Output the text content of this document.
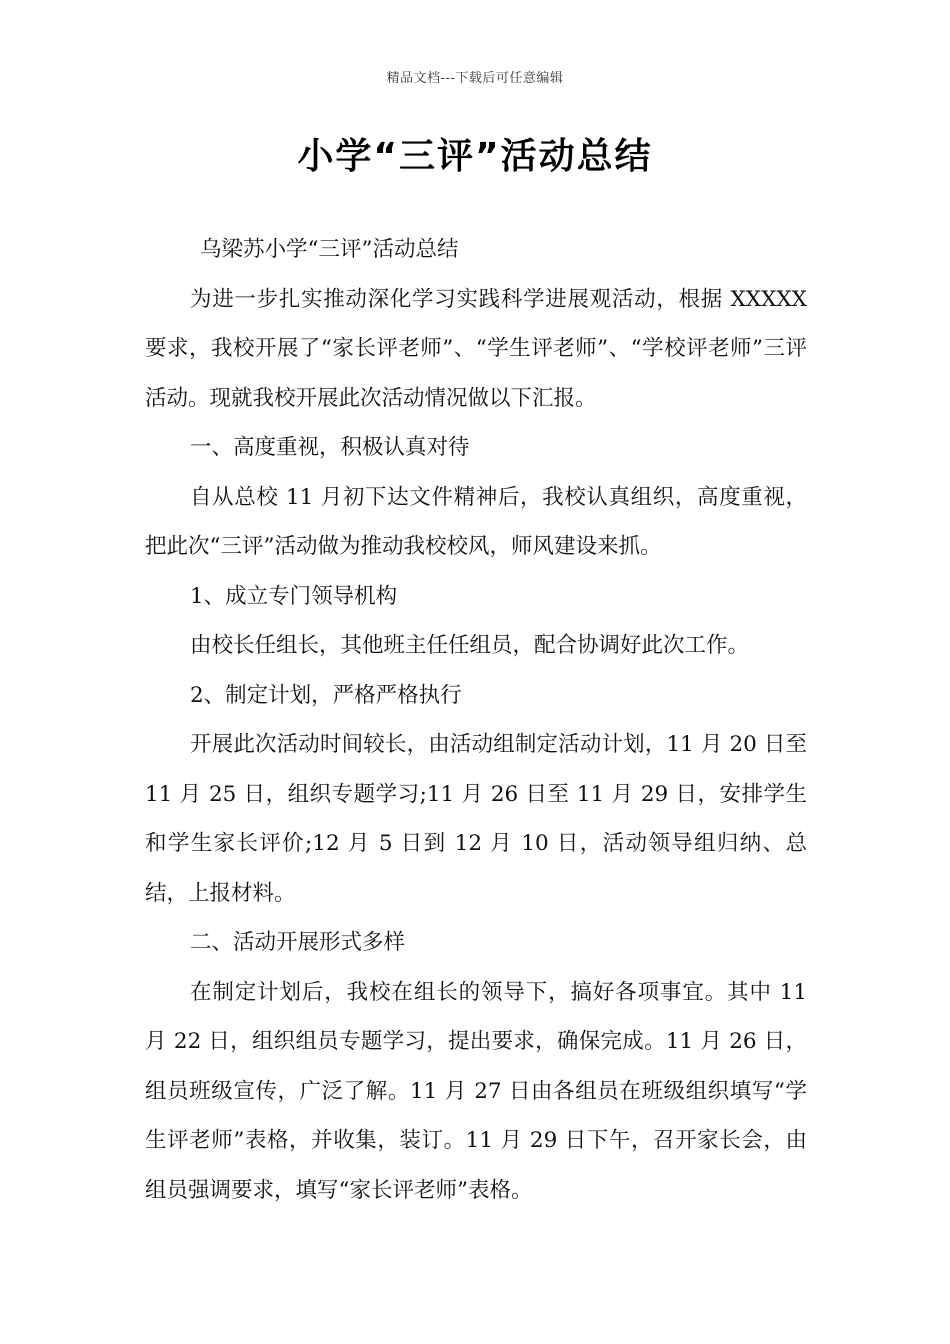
精品文档---下载后可任意编辑
小学“三评”活动总结

乌梁苏小学“三评”活动总结

为进一步扎实推动深化学习实践科学进展观活动，根据 XXXXX 要求，我校开展了“家长评老师”、“学生评老师”、“学校评老师”三评活动。现就我校开展此次活动情况做以下汇报。

一、高度重视，积极认真对待

自从总校 11 月初下达文件精神后，我校认真组织，高度重视，把此次“三评”活动做为推动我校校风，师风建设来抓。

1、成立专门领导机构

由校长任组长，其他班主任任组员，配合协调好此次工作。

2、制定计划，严格严格执行

开展此次活动时间较长，由活动组制定活动计划，11 月 20 日至 11 月 25 日，组织专题学习;11 月 26 日至 11 月 29 日，安排学生和学生家长评价;12 月 5 日到 12 月 10 日，活动领导组归纳、总结，上报材料。

二、活动开展形式多样

在制定计划后，我校在组长的领导下，搞好各项事宜。其中 11 月 22 日，组织组员专题学习，提出要求，确保完成。11 月 26 日，组员班级宣传，广泛了解。11 月 27 日由各组员在班级组织填写“学生评老师”表格，并收集，装订。11 月 29 日下午，召开家长会，由组员强调要求，填写“家长评老师”表格。
